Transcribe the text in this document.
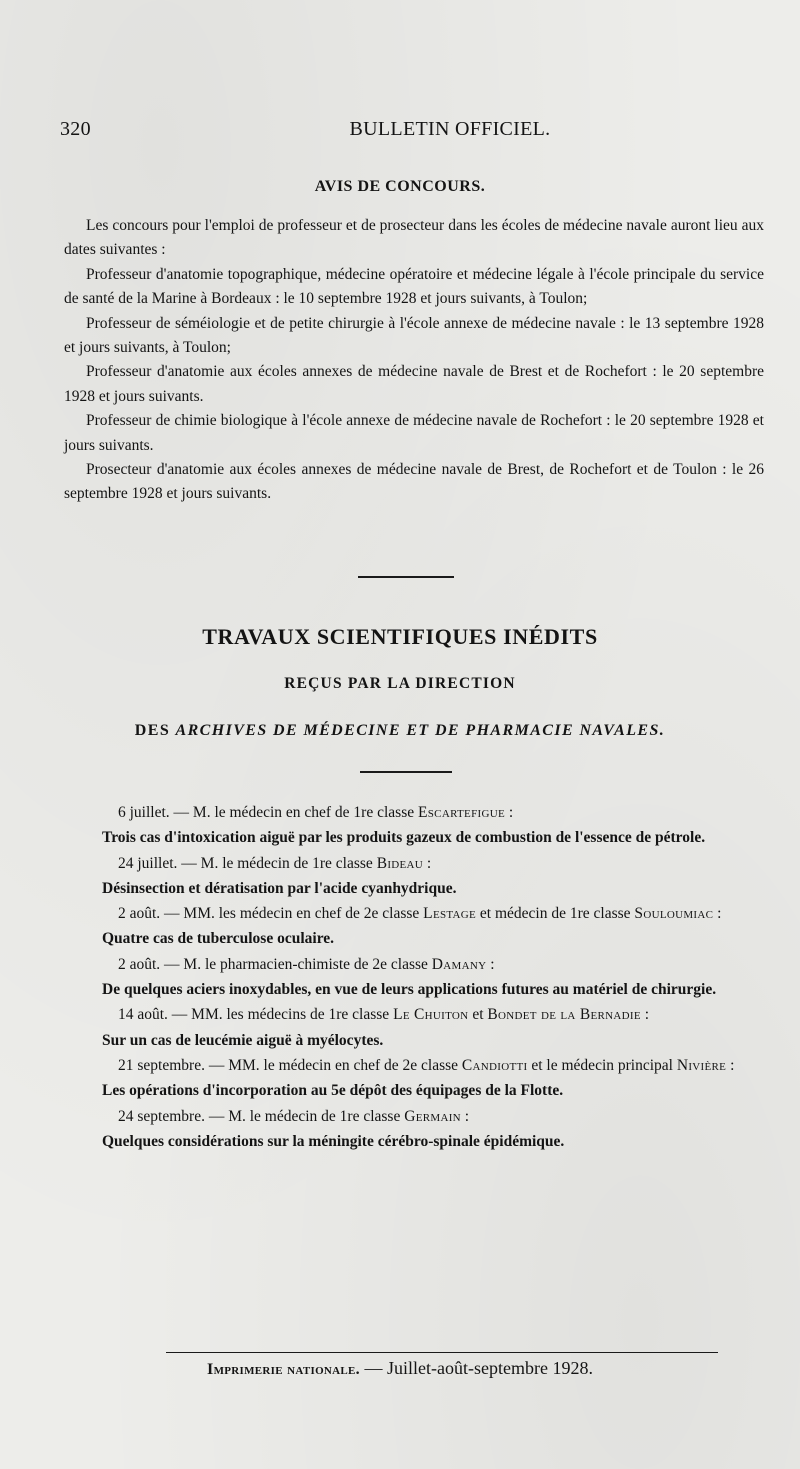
320	BULLETIN OFFICIEL.
AVIS DE CONCOURS.

Les concours pour l'emploi de professeur et de prosecteur dans les écoles de médecine navale auront lieu aux dates suivantes :

Professeur d'anatomie topographique, médecine opératoire et médecine légale à l'école principale du service de santé de la Marine à Bordeaux : le 10 septembre 1928 et jours suivants, à Toulon;

Professeur de séméiologie et de petite chirurgie à l'école annexe de médecine navale : le 13 septembre 1928 et jours suivants, à Toulon;

Professeur d'anatomie aux écoles annexes de médecine navale de Brest et de Rochefort : le 20 septembre 1928 et jours suivants.

Professeur de chimie biologique à l'école annexe de médecine navale de Rochefort : le 20 septembre 1928 et jours suivants.

Prosecteur d'anatomie aux écoles annexes de médecine navale de Brest, de Rochefort et de Toulon : le 26 septembre 1928 et jours suivants.

TRAVAUX SCIENTIFIQUES INÉDITS
REÇUS PAR LA DIRECTION
DES ARCHIVES DE MÉDECINE ET DE PHARMACIE NAVALES.

6 juillet. — M. le médecin en chef de 1re classe Escartefigue :

Trois cas d'intoxication aiguë par les produits gazeux de combustion de l'essence de pétrole.

24 juillet. — M. le médecin de 1re classe Bideau :

Désinsection et dératisation par l'acide cyanhydrique.

2 août. — MM. les médecin en chef de 2e classe Lestage et médecin de 1re classe Souloumiac :

Quatre cas de tuberculose oculaire.

2 août. — M. le pharmacien-chimiste de 2e classe Damany :

De quelques aciers inoxydables, en vue de leurs applications futures au matériel de chirurgie.

14 août. — MM. les médecins de 1re classe Le Chuiton et Bondet de la Bernadie :

Sur un cas de leucémie aiguë à myélocytes.

21 septembre. — MM. le médecin en chef de 2e classe Candiotti et le médecin principal Nivière :

Les opérations d'incorporation au 5e dépôt des équipages de la Flotte.

24 septembre. — M. le médecin de 1re classe Germain :

Quelques considérations sur la méningite cérébro-spinale épidémique.

Imprimerie nationale. — Juillet-août-septembre 1928.
